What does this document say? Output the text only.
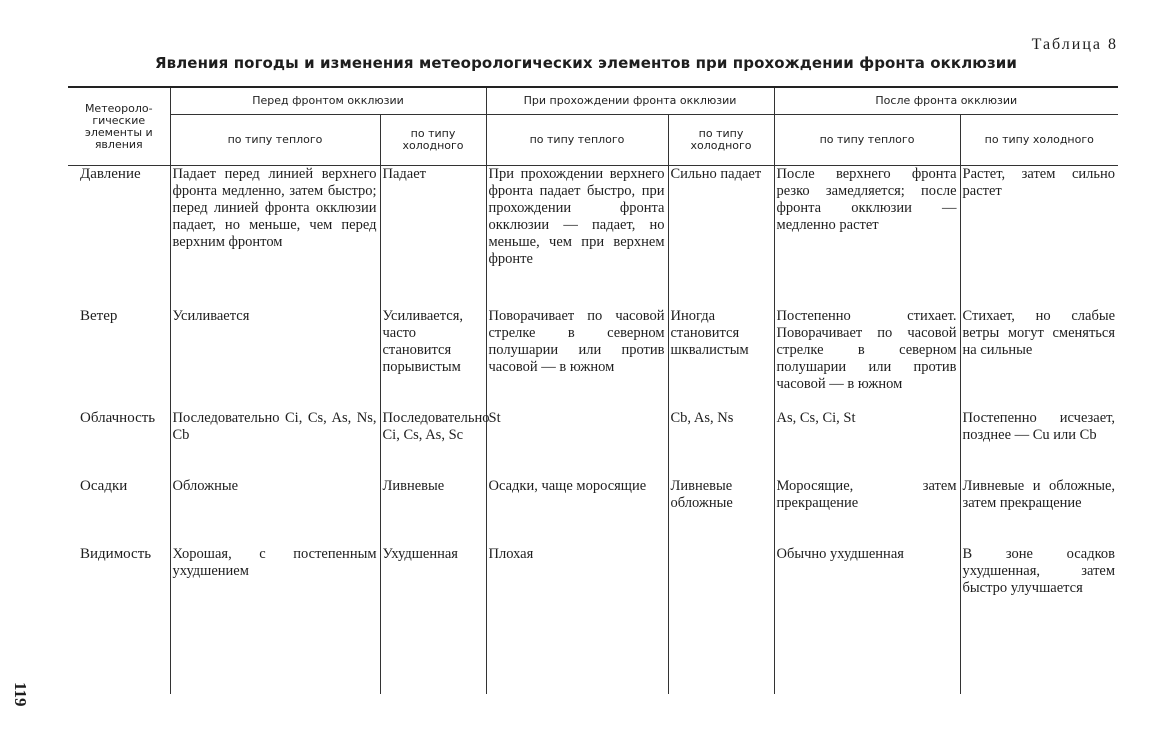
Таблица 8
Явления погоды и изменения метеорологических элементов при прохождении фронта окклюзии
119
Метеороло-гические элементы и явления	Перед фронтом окклюзии		При прохождении фронта окклюзии		После фронта окклюзии	
	по типу теплого	по типу холодного	по типу теплого	по типу холодного	по типу теплого	по типу холодного
Давление	Падает перед линией верхнего фронта медленно, затем быстро; перед линией фронта окклюзии падает, но меньше, чем перед верхним фронтом	Падает	При прохождении верхнего фронта падает быстро, при прохождении фронта окклюзии — падает, но меньше, чем при верхнем фронте	Сильно падает	После верхнего фронта резко замедляется; после фронта окклюзии — медленно растет	Растет, затем сильно растет
Ветер	Усиливается	Усиливается, часто становится порывистым	Поворачивает по часовой стрелке в северном полушарии или против часовой — в южном	Иногда становится шквалистым	Постепенно стихает. Поворачивает по часовой стрелке в северном полушарии или против часовой — в южном	Стихает, но слабые ветры могут сменяться на сильные
Облачность	Последовательно Ci, Cs, As, Ns, Cb	Последовательно Ci, Cs, As, Sc	St	Cb, As, Ns	As, Cs, Ci, St	Постепенно исчезает, позднее — Cu или Cb
Осадки	Обложные	Ливневые	Осадки, чаще моросящие	Ливневые обложные	Моросящие, затем прекращение	Ливневые и обложные, затем прекращение
Видимость	Хорошая, с постепенным ухудшением	Ухудшенная	Плохая		Обычно ухудшенная	В зоне осадков ухудшенная, затем быстро улучшается
